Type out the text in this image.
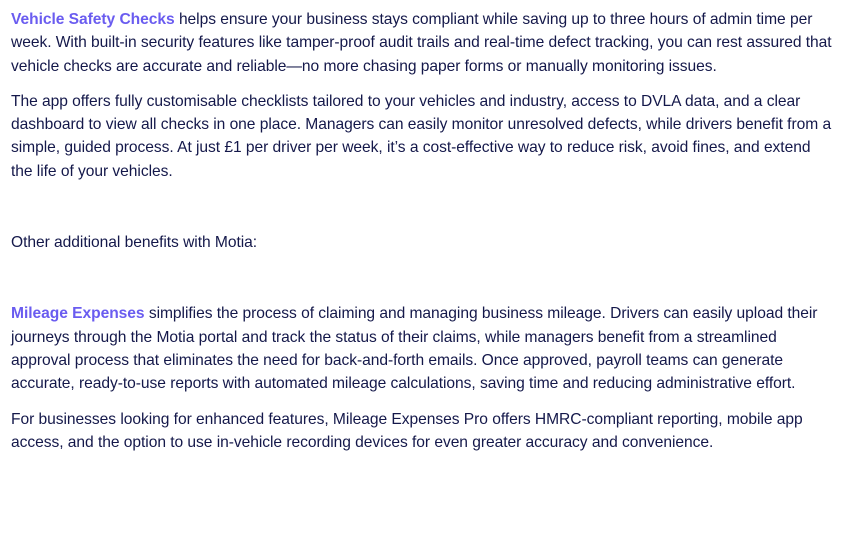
Vehicle Safety Checks helps ensure your business stays compliant while saving up to three hours of admin time per week. With built-in security features like tamper-proof audit trails and real-time defect tracking, you can rest assured that vehicle checks are accurate and reliable—no more chasing paper forms or manually monitoring issues.

The app offers fully customisable checklists tailored to your vehicles and industry, access to DVLA data, and a clear dashboard to view all checks in one place. Managers can easily monitor unresolved defects, while drivers benefit from a simple, guided process. At just £1 per driver per week, it’s a cost-effective way to reduce risk, avoid fines, and extend the life of your vehicles.

Other additional benefits with Motia:

Mileage Expenses simplifies the process of claiming and managing business mileage. Drivers can easily upload their journeys through the Motia portal and track the status of their claims, while managers benefit from a streamlined approval process that eliminates the need for back-and-forth emails. Once approved, payroll teams can generate accurate, ready-to-use reports with automated mileage calculations, saving time and reducing administrative effort.

For businesses looking for enhanced features, Mileage Expenses Pro offers HMRC-compliant reporting, mobile app access, and the option to use in-vehicle recording devices for even greater accuracy and convenience.
